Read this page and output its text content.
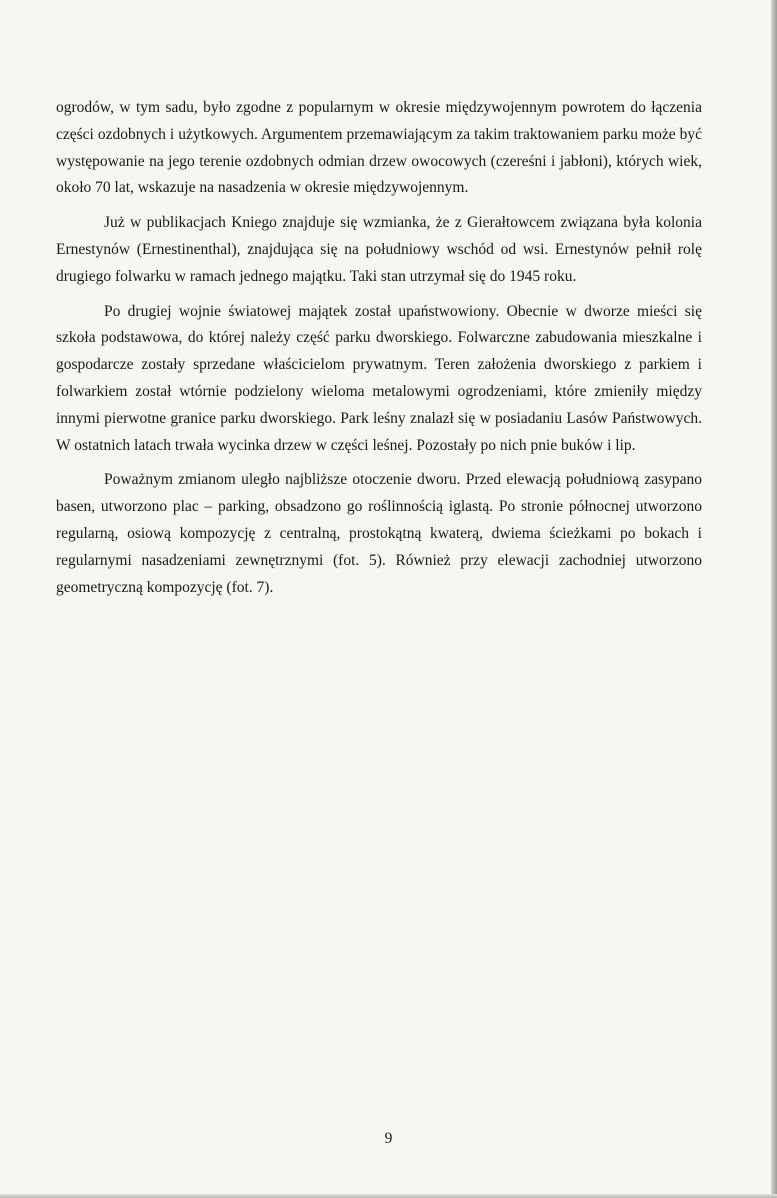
ogrodów, w tym sadu, było zgodne z popularnym w okresie międzywojennym powrotem do łączenia części ozdobnych i użytkowych. Argumentem przemawiającym za takim traktowaniem parku może być występowanie na jego terenie ozdobnych odmian drzew owocowych (czereśni i jabłoni), których wiek, około 70 lat, wskazuje na nasadzenia w okresie międzywojennym.

Już w publikacjach Kniego znajduje się wzmianka, że z Gierałtowcem związana była kolonia Ernestynów (Ernestinenthal), znajdująca się na południowy wschód od wsi. Ernestynów pełnił rolę drugiego folwarku w ramach jednego majątku. Taki stan utrzymał się do 1945 roku.

Po drugiej wojnie światowej majątek został upaństwowiony. Obecnie w dworze mieści się szkoła podstawowa, do której należy część parku dworskiego. Folwarczne zabudowania mieszkalne i gospodarcze zostały sprzedane właścicielom prywatnym. Teren założenia dworskiego z parkiem i folwarkiem został wtórnie podzielony wieloma metalowymi ogrodzeniami, które zmieniły między innymi pierwotne granice parku dworskiego. Park leśny znalazł się w posiadaniu Lasów Państwowych. W ostatnich latach trwała wycinka drzew w części leśnej. Pozostały po nich pnie buków i lip.

Poważnym zmianom uległo najbliższe otoczenie dworu. Przed elewacją południową zasypano basen, utworzono plac – parking, obsadzono go roślinnością iglastą. Po stronie północnej utworzono regularną, osiową kompozycję z centralną, prostokątną kwaterą, dwiema ścieżkami po bokach i regularnymi nasadzeniami zewnętrznymi (fot. 5). Również przy elewacji zachodniej utworzono geometryczną kompozycję (fot. 7).

9
